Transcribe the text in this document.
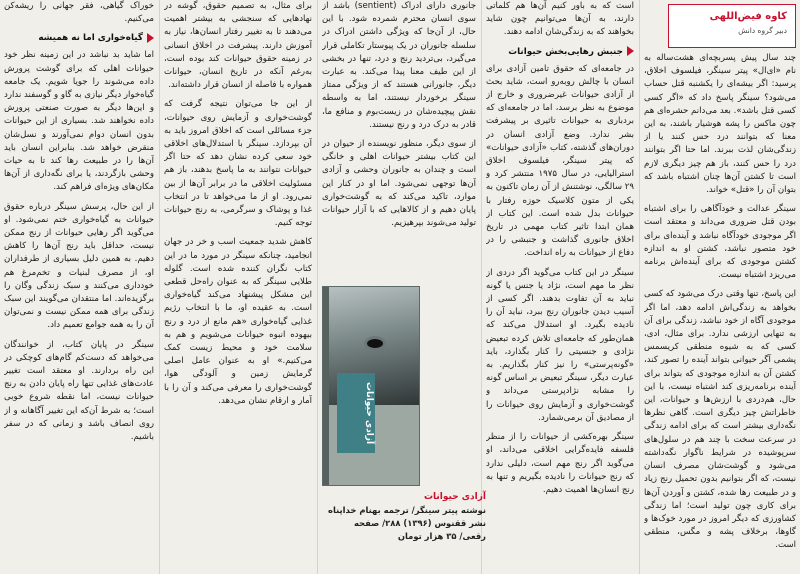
کاوه فیض‌اللهی
دبیر گروه دانش

چند سال پیش پسربچه‌ای هشت‌ساله به نام «ای‌ال» پیتر سینگر، فیلسوف اخلاق، پرسید: اگر بیشه‌ای را یکشنبه قتل حساب می‌شود؟ سینگر پاسخ داد که «اگر کسی کسی قتل باشد». بعد می‌دانم حشره‌ای هم چون ماکس را پشه هوشیار باشند، به این معنا که بتوانند درد حس کنند یا از زندگی‌شان لذت ببرند. اما حتا اگر بتوانند درد را حس کنند، باز هم چیز دیگری لازم است تا کشتن آن‌ها چنان اشتباه باشد که بتوان آن را «قتل» خواند.

سینگر عدالت و خودآگاهی را برای اشتباه بودن قتل ضروری می‌داند و معتقد است اگر موجودی خودآگاه نباشد و آینده‌ای برای خود متصور نباشد، کشتن او به اندازه کشتن موجودی که برای آینده‌اش برنامه می‌ریزد اشتباه نیست.

این پاسخ، تنها وقتی درک می‌شود که کسی بخواهد به زندگی‌اش ادامه دهد، اما اگر موجودی آگاه از خود نباشد، زندگی برای آن به تنهایی ارزشی ندارد. برای مثال، ادی، کسی که به شیوه منطقی کریسمس پشمی آگر حیوانی بتواند آینده را تصور کند، کشتن آن به اندازه موجودی که بتواند برای آینده برنامه‌ریزی کند اشتباه نیست، با این حال، هم‌دردی با ارزش‌ها و حیوانات، این خاطراتش چیز دیگری است. گاهی نظرها نگه‌داری بیشتر است که برای ادامه زندگی در سرعت سخت با چند هم در سلول‌های سرپوشیده در شرایط ناگوار نگه‌داشته می‌شود و گوشت‌شان مصرف انسان نیست، که اگر بتوانیم بدون تحمیل رنج زیاد و در طبیعت رها شده، کشتن و آوردن آن‌ها برای کاری چون تولید است؛ اما زندگی کشاورزی که دیگر امروز در مورد خوک‌ها و گاوها، برخلاف پشه و مگس، منطقی است.

است که به باور کنیم آن‌ها هم کلماتی دارند، به آن‌ها می‌توانیم چون شاید بخواهند که به زندگی‌شان ادامه دهند.

جنبش رهایی‌بخش حیوانات

در جامعه‌ای که حقوق تامین آزادی برای انسان با چالش روبه‌رو است، شاید بحث از آزادی حیوانات غیرضروری و خارج از موضوع به نظر برسد، اما در جامعه‌ای که بردباری به حیوانات تاثیری بر پیشرفت بشر ندارد. وضع آزادی انسان در دوران‌های گذشته، کتاب «آزادی حیوانات» که پیتر سینگر، فیلسوف اخلاق استرالیایی، در سال ۱۹۷۵ منتشر کرد و ۲۹ سالگی، نوشتنش از آن زمان تاکنون به یکی از متون کلاسیک حوزه رفتار با حیوانات بدل شده است. این کتاب از همان ابتدا تاثیر کتاب مهمی در تاریخ اخلاق جانوری گذاشت و جنبشی را در دفاع از حیوانات به راه انداخت.

سینگر در این کتاب می‌گوید اگر دردی از نظر ما مهم است، نژاد یا جنس یا گونه نباید به آن تفاوت بدهند. اگر کسی از آسیب دیدن جانوران رنج ببرد، نباید آن را نادیده بگیرد. او استدلال می‌کند که همان‌طور که جامعه‌ای تلاش کرده تبعیض نژادی و جنسیتی را کنار بگذارد، باید «گونه‌پرستی» را نیز کنار بگذاریم. به عبارت دیگر، سینگر تبعیض بر اساس گونه را مشابه نژادپرستی می‌داند و گوشت‌خواری و آزمایش روی حیوانات را از مصادیق آن برمی‌شمارد.

سینگر بهره‌کشی از حیوانات را از منظر فلسفه فایده‌گرایی اخلاقی می‌داند، او می‌گوید اگر رنج مهم است، دلیلی ندارد که رنج حیوانات را نادیده بگیریم و تنها به رنج انسان‌ها اهمیت دهیم.

جانوری دارای ادراک (sentient) باشد از سوی انسان محترم شمرده شود. با این حال، از آن‌جا که ویژگی داشتن ادراک در سلسله جانوران در یک پیوستار تکاملی قرار می‌گیرد، بی‌تردید رنج و درد، تنها در بخشی از این طیف معنا پیدا می‌کند. به عبارت دیگر، جانورانی هستند که از ویژگی ممتاز سینگر برخوردار نیستند، اما به واسطه نقش پیچیده‌شان در زیست‌بوم و منافع ما، قادر به درک درد و رنج نیستند.

از سوی دیگر، منظور نویسنده از حیوان در این کتاب بیشتر حیوانات اهلی و خانگی است و چندان به جانوران وحشی و آزادی آن‌ها توجهی نمی‌شود. اما او در کنار این موارد، تاکید می‌کند که به گوشت‌خواری پایان دهیم و از کالاهایی که با آزار حیوانات تولید می‌شوند بپرهیزیم.

آزادی حیوانات
آزادی حیوانات
نوشته پیتر سینگر/ ترجمه بهنام خداپناه
نشر ققنوس (۱۳۹۶) ۲۸۸/ صفحه
رقعی/ ۳۵ هزار تومان

برای مثال، به تصمیم حقوق، گوشه در نهادهایی که سنجشی به بیشتر اهمیت می‌دهند تا به تغییر رفتار انسان‌ها، نیاز به آموزش دارند. پیشرفت در اخلاق انسانی در زمینه حقوق حیوانات کند بوده است، به‌رغم آنکه در تاریخ انسان، حیوانات همواره با فاصله از انسان قرار داشته‌اند.

از این جا می‌توان نتیجه گرفت که گوشت‌خواری و آزمایش روی حیوانات، جزء مسائلی است که اخلاق امروز باید به آن بپردازد. سینگر با استدلال‌های اخلاقی خود سعی کرده نشان دهد که حتا اگر حیوانات نتوانند به ما پاسخ بدهند، باز هم مسئولیت اخلاقی ما در برابر آن‌ها از بین نمی‌رود. او از ما می‌خواهد تا در انتخاب غذا و پوشاک و سرگرمی، به رنج حیوانات توجه کنیم.

کاهش شدید جمعیت اسب و خر در جهان انجامید، چنانکه سینگر در مورد ما در این کتاب نگران کننده شده است. گلوله طلایی سینگر که به عنوان راه‌حل قطعی این مشکل پیشنهاد می‌کند گیاه‌خواری است. به عقیده او، ما با انتخاب رژیم غذایی گیاه‌خواری «هم مانع از درد و رنج بیهوده انبوه حیوانات می‌شویم و هم به سلامت خود و محیط زیست کمک می‌کنیم.» او به عنوان عامل اصلی گرمایش زمین و آلودگی هوا، گوشت‌خواری را معرفی می‌کند و آن را با آمار و ارقام نشان می‌دهد.

خوراک گیاهی، فقر جهانی را ریشه‌کن می‌کنیم.

گیاه‌خواری اما نه همیشه

اما شاید بد نباشد در این زمینه نظر خود حیوانات اهلی که برای گوشت پرورش داده می‌شوند را جویا شویم. یک جامعه گیاه‌خوار دیگر نیازی به گاو و گوسفند ندارد و این‌ها دیگر به صورت صنعتی پرورش داده نخواهند شد. بسیاری از این حیوانات بدون انسان دوام نمی‌آورند و نسل‌شان منقرض خواهد شد. بنابراین انسان باید آن‌ها را در طبیعت رها کند تا به حیات وحشی بازگردند، یا برای نگه‌داری از آن‌ها مکان‌های ویژه‌ای فراهم کند.

از این حال، پرسش سینگر درباره حقوق حیوانات به گیاه‌خواری ختم نمی‌شود. او می‌گوید اگر رهایی حیوانات از رنج ممکن نیست، حداقل باید رنج آن‌ها را کاهش دهیم. به همین دلیل بسیاری از طرفداران او، از مصرف لبنیات و تخم‌مرغ هم خودداری می‌کنند و سبک زندگی وگان را برگزیده‌اند. اما منتقدان می‌گویند این سبک زندگی برای همه ممکن نیست و نمی‌توان آن را به همه جوامع تعمیم داد.

سینگر در پایان کتاب، از خوانندگان می‌خواهد که دست‌کم گام‌های کوچکی در این راه بردارند. او معتقد است تغییر عادت‌های غذایی تنها راه پایان دادن به رنج حیوانات نیست، اما نقطه شروع خوبی است؛ به شرط آن‌که این تغییر آگاهانه و از روی انصاف باشد و زمانی که در سفر باشیم.
